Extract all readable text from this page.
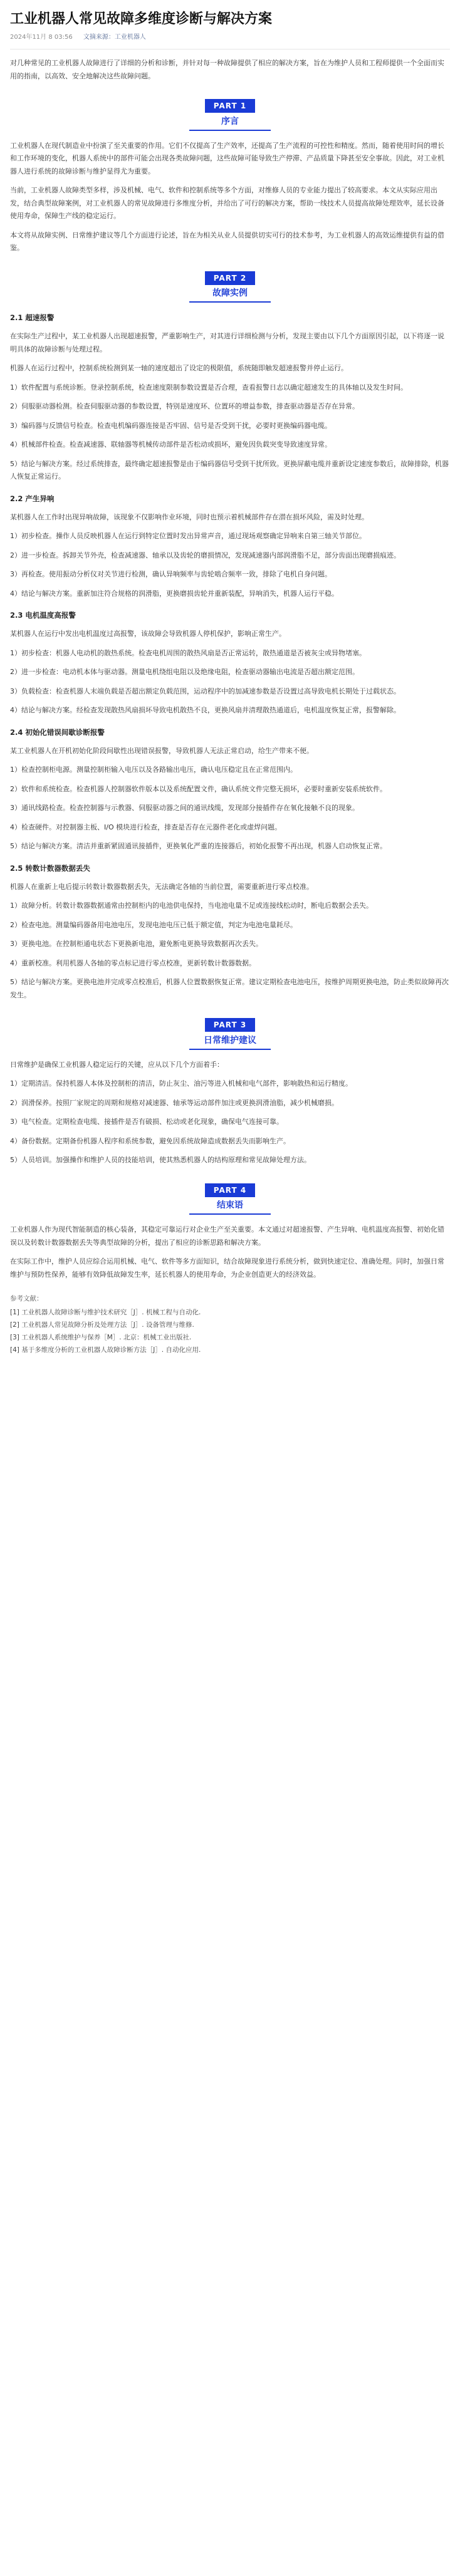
工业机器人常见故障多维度诊断与解决方案
2024年11月 8 03:56 文摘来源：工业机器人

对几种常见的工业机器人故障进行了详细的分析和诊断，并针对每一种故障提供了相应的解决方案，旨在为维护人员和工程师提供一个全面而实用的指南，以高效、安全地解决这些故障问题。

PART 1
序言

工业机器人在现代制造业中扮演了至关重要的作用。它们不仅提高了生产效率，还提高了生产流程的可控性和精度。然而，随着使用时间的增长和工作环境的变化，机器人系统中的部件可能会出现各类故障问题，这些故障可能导致生产停滞、产品质量下降甚至安全事故。因此，对工业机器人进行系统的故障诊断与维护显得尤为重要。

当前，工业机器人故障类型多样，涉及机械、电气、软件和控制系统等多个方面，对维修人员的专业能力提出了较高要求。本文从实际应用出发，结合典型故障案例，对工业机器人的常见故障进行多维度分析，并给出了可行的解决方案，帮助一线技术人员提高故障处理效率，延长设备使用寿命，保障生产线的稳定运行。

本文将从故障实例、日常维护建议等几个方面进行论述，旨在为相关从业人员提供切实可行的技术参考，为工业机器人的高效运维提供有益的借鉴。

PART 2
故障实例
2.1 超速报警

在实际生产过程中，某工业机器人出现超速报警，严重影响生产，对其进行详细检测与分析，发现主要由以下几个方面原因引起，以下将逐一说明具体的故障诊断与处理过程。

机器人在运行过程中，控制系统检测到某一轴的速度超出了设定的极限值，系统随即触发超速报警并停止运行。

1）软件配置与系统诊断。登录控制系统，检查速度限制参数设置是否合理，查看报警日志以确定超速发生的具体轴以及发生时间。

2）伺服驱动器检测。检查伺服驱动器的参数设置，特别是速度环、位置环的增益参数，排查驱动器是否存在异常。

3）编码器与反馈信号检查。检查电机编码器连接是否牢固、信号是否受到干扰，必要时更换编码器电缆。

4）机械部件检查。检查减速器、联轴器等机械传动部件是否松动或损坏，避免因负载突变导致速度异常。

5）结论与解决方案。经过系统排查，最终确定超速报警是由于编码器信号受到干扰所致。更换屏蔽电缆并重新设定速度参数后，故障排除，机器人恢复正常运行。

2.2 产生异响

某机器人在工作时出现异响故障，该现象不仅影响作业环境，同时也预示着机械部件存在潜在损坏风险，需及时处理。

1）初步检查。操作人员反映机器人在运行到特定位置时发出异常声音，通过现场观察确定异响来自第三轴关节部位。

2）进一步检查。拆卸关节外壳，检查减速器、轴承以及齿轮的磨损情况，发现减速器内部润滑脂不足，部分齿面出现磨损痕迹。

3）再检查。使用振动分析仪对关节进行检测，确认异响频率与齿轮啮合频率一致，排除了电机自身问题。

4）结论与解决方案。重新加注符合规格的润滑脂，更换磨损齿轮并重新装配，异响消失，机器人运行平稳。

2.3 电机温度高报警

某机器人在运行中发出电机温度过高报警，该故障会导致机器人停机保护，影响正常生产。

1）初步检查：机器人电动机的散热系统。检查电机周围的散热风扇是否正常运转，散热通道是否被灰尘或异物堵塞。

2）进一步检查：电动机本体与驱动器。测量电机绕组电阻以及绝缘电阻，检查驱动器输出电流是否超出额定范围。

3）负载检查：检查机器人末端负载是否超出额定负载范围，运动程序中的加减速参数是否设置过高导致电机长期处于过载状态。

4）结论与解决方案。经检查发现散热风扇损坏导致电机散热不良，更换风扇并清理散热通道后，电机温度恢复正常，报警解除。

2.4 初始化错误间歇诊断报警

某工业机器人在开机初始化阶段间歇性出现错误报警，导致机器人无法正常启动，给生产带来不便。

1）检查控制柜电源。测量控制柜输入电压以及各路输出电压，确认电压稳定且在正常范围内。

2）软件和系统检查。检查机器人控制器软件版本以及系统配置文件，确认系统文件完整无损坏，必要时重新安装系统软件。

3）通讯线路检查。检查控制器与示教器、伺服驱动器之间的通讯线缆，发现部分接插件存在氧化接触不良的现象。

4）检查硬件。对控制器主板、I/O 模块进行检查，排查是否存在元器件老化或虚焊问题。

5）结论与解决方案。清洁并重新紧固通讯接插件，更换氧化严重的连接器后，初始化报警不再出现，机器人启动恢复正常。

2.5 转数计数器数据丢失

机器人在重新上电后提示转数计数器数据丢失，无法确定各轴的当前位置，需要重新进行零点校准。

1）故障分析。转数计数器数据通常由控制柜内的电池供电保持，当电池电量不足或连接线松动时，断电后数据会丢失。

2）检查电池。测量编码器备用电池电压，发现电池电压已低于额定值，判定为电池电量耗尽。

3）更换电池。在控制柜通电状态下更换新电池，避免断电更换导致数据再次丢失。

4）重新校准。利用机器人各轴的零点标记进行零点校准，更新转数计数器数据。

5）结论与解决方案。更换电池并完成零点校准后，机器人位置数据恢复正常。建议定期检查电池电压，按维护周期更换电池，防止类似故障再次发生。

PART 3
日常维护建议

日常维护是确保工业机器人稳定运行的关键，应从以下几个方面着手：

1）定期清洁。保持机器人本体及控制柜的清洁，防止灰尘、油污等进入机械和电气部件，影响散热和运行精度。

2）润滑保养。按照厂家规定的周期和规格对减速器、轴承等运动部件加注或更换润滑油脂，减少机械磨损。

3）电气检查。定期检查电缆、接插件是否有破损、松动或老化现象，确保电气连接可靠。

4）备份数据。定期备份机器人程序和系统参数，避免因系统故障造成数据丢失而影响生产。

5）人员培训。加强操作和维护人员的技能培训，使其熟悉机器人的结构原理和常见故障处理方法。

PART 4
结束语

工业机器人作为现代智能制造的核心装备，其稳定可靠运行对企业生产至关重要。本文通过对超速报警、产生异响、电机温度高报警、初始化错误以及转数计数器数据丢失等典型故障的分析，提出了相应的诊断思路和解决方案。

在实际工作中，维护人员应综合运用机械、电气、软件等多方面知识，结合故障现象进行系统分析，做到快速定位、准确处理。同时，加强日常维护与预防性保养，能够有效降低故障发生率，延长机器人的使用寿命，为企业创造更大的经济效益。

参考文献：
[1] 工业机器人故障诊断与维护技术研究［J］. 机械工程与自动化.
[2] 工业机器人常见故障分析及处理方法［J］. 设备管理与维修.
[3] 工业机器人系统维护与保养［M］. 北京：机械工业出版社.
[4] 基于多维度分析的工业机器人故障诊断方法［J］. 自动化应用.
